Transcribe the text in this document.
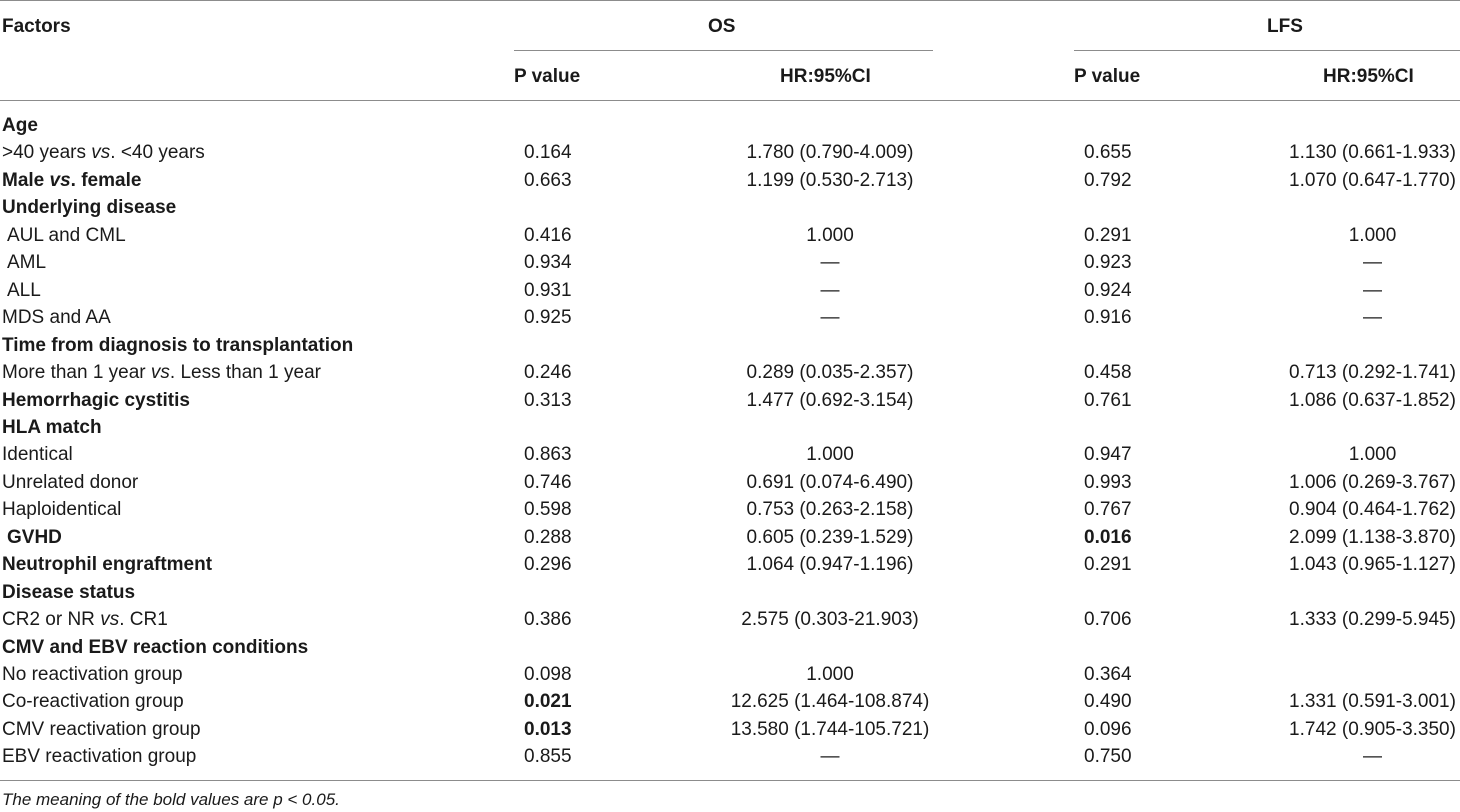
Factors	OS	LFS
P value	HR:95%CI	P value	HR:95%CI
Age
>40 years vs. <40 years	0.164	1.780 (0.790-4.009)	0.655	1.130 (0.661-1.933)
Male vs. female	0.663	1.199 (0.530-2.713)	0.792	1.070 (0.647-1.770)
Underlying disease
AUL and CML	0.416	1.000	0.291	1.000
AML	0.934	—	0.923	—
ALL	0.931	—	0.924	—
MDS and AA	0.925	—	0.916	—
Time from diagnosis to transplantation
More than 1 year vs. Less than 1 year	0.246	0.289 (0.035-2.357)	0.458	0.713 (0.292-1.741)
Hemorrhagic cystitis	0.313	1.477 (0.692-3.154)	0.761	1.086 (0.637-1.852)
HLA match
Identical	0.863	1.000	0.947	1.000
Unrelated donor	0.746	0.691 (0.074-6.490)	0.993	1.006 (0.269-3.767)
Haploidentical	0.598	0.753 (0.263-2.158)	0.767	0.904 (0.464-1.762)
GVHD	0.288	0.605 (0.239-1.529)	0.016	2.099 (1.138-3.870)
Neutrophil engraftment	0.296	1.064 (0.947-1.196)	0.291	1.043 (0.965-1.127)
Disease status
CR2 or NR vs. CR1	0.386	2.575 (0.303-21.903)	0.706	1.333 (0.299-5.945)
CMV and EBV reaction conditions
No reactivation group	0.098	1.000	0.364
Co-reactivation group	0.021	12.625 (1.464-108.874)	0.490	1.331 (0.591-3.001)
CMV reactivation group	0.013	13.580 (1.744-105.721)	0.096	1.742 (0.905-3.350)
EBV reactivation group	0.855	—	0.750	—
The meaning of the bold values are p < 0.05.
